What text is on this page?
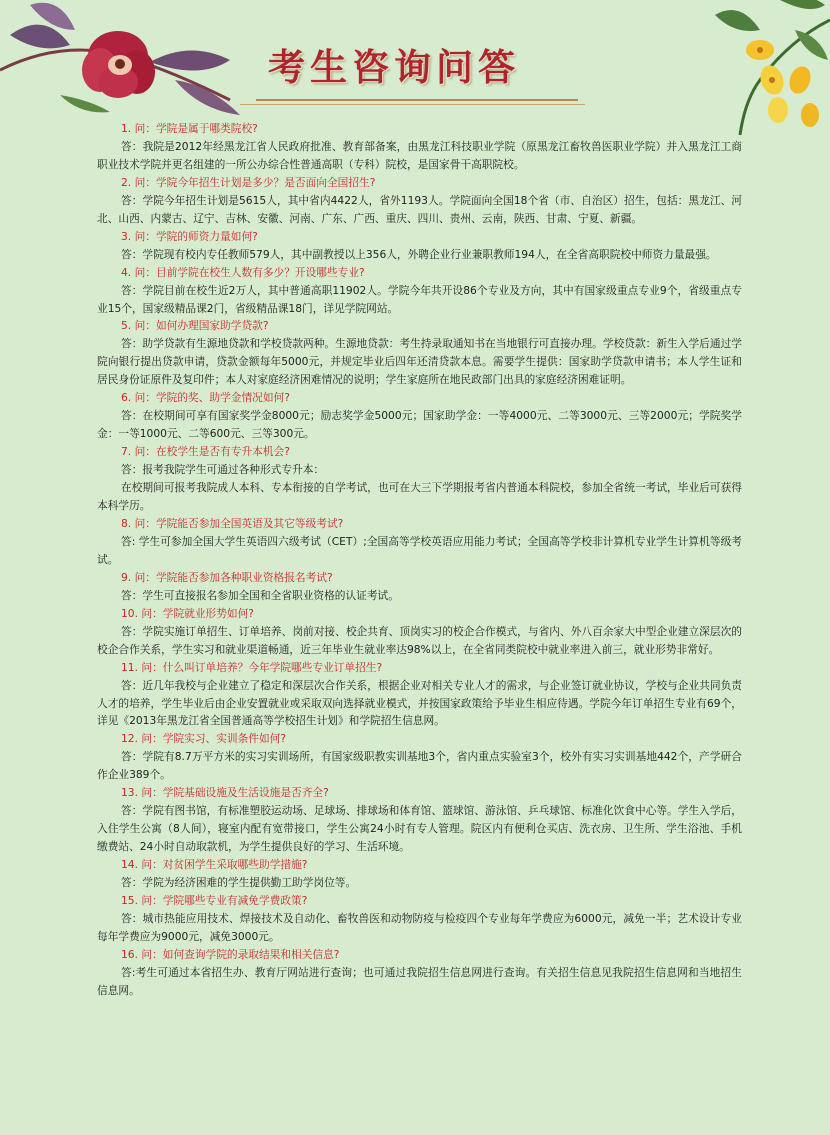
考生咨询问答

1. 问：学院是属于哪类院校?

答：我院是2012年经黑龙江省人民政府批准、教育部备案，由黑龙江科技职业学院（原黑龙江畜牧兽医职业学院）并入黑龙江工商职业技术学院并更名组建的一所公办综合性普通高职（专科）院校，是国家骨干高职院校。

2. 问：学院今年招生计划是多少？是否面向全国招生?

答：学院今年招生计划是5615人，其中省内4422人，省外1193人。学院面向全国18个省（市、自治区）招生，包括：黑龙江、河北、山西、内蒙古、辽宁、吉林、安徽、河南、广东、广西、重庆、四川、贵州、云南，陕西、甘肃、宁夏、新疆。

3. 问：学院的师资力量如何?

答：学院现有校内专任教师579人，其中副教授以上356人，外聘企业行业兼职教师194人，在全省高职院校中师资力量最强。

4. 问：目前学院在校生人数有多少？开设哪些专业?

答：学院目前在校生近2万人，其中普通高职11902人。学院今年共开设86个专业及方向，其中有国家级重点专业9个，省级重点专业15个，国家级精品课2门，省级精品课18门，详见学院网站。

5. 问：如何办理国家助学贷款?

答：助学贷款有生源地贷款和学校贷款两种。生源地贷款：考生持录取通知书在当地银行可直接办理。学校贷款：新生入学后通过学院向银行提出贷款申请，贷款金额每年5000元，并规定毕业后四年还清贷款本息。需要学生提供：国家助学贷款申请书；本人学生证和居民身份证原件及复印件；本人对家庭经济困难情况的说明；学生家庭所在地民政部门出具的家庭经济困难证明。

6. 问：学院的奖、助学金情况如何?

答：在校期间可享有国家奖学金8000元；励志奖学金5000元；国家助学金：一等4000元、二等3000元、三等2000元；学院奖学金：一等1000元、二等600元、三等300元。

7. 问：在校学生是否有专升本机会?

答：报考我院学生可通过各种形式专升本：

在校期间可报考我院成人本科、专本衔接的自学考试，也可在大三下学期报考省内普通本科院校，参加全省统一考试，毕业后可获得本科学历。

8. 问：学院能否参加全国英语及其它等级考试?

答: 学生可参加全国大学生英语四六级考试（CET）;全国高等学校英语应用能力考试；全国高等学校非计算机专业学生计算机等级考试。

9. 问：学院能否参加各种职业资格报名考试?

答：学生可直接报名参加全国和全省职业资格的认证考试。

10. 问：学院就业形势如何?

答：学院实施订单招生、订单培养、岗前对接、校企共育、顶岗实习的校企合作模式，与省内、外八百余家大中型企业建立深层次的校企合作关系，学生实习和就业渠道畅通，近三年毕业生就业率达98%以上，在全省同类院校中就业率进入前三，就业形势非常好。

11. 问：什么叫订单培养？今年学院哪些专业订单招生?

答：近几年我校与企业建立了稳定和深层次合作关系，根据企业对相关专业人才的需求，与企业签订就业协议，学校与企业共同负责人才的培养，学生毕业后由企业安置就业或采取双向选择就业模式，并按国家政策给予毕业生相应待遇。学院今年订单招生专业有69个，详见《2013年黑龙江省全国普通高等学校招生计划》和学院招生信息网。

12. 问：学院实习、实训条件如何?

答：学院有8.7万平方米的实习实训场所，有国家级职教实训基地3个，省内重点实验室3个，校外有实习实训基地442个，产学研合作企业389个。

13. 问：学院基础设施及生活设施是否齐全?

答：学院有图书馆，有标准塑胶运动场、足球场、排球场和体育馆、篮球馆、游泳馆、乒乓球馆、标准化饮食中心等。学生入学后，入住学生公寓（8人间），寝室内配有宽带接口，学生公寓24小时有专人管理。院区内有便利仓买店、洗衣房、卫生所、学生浴池、手机缴费站、24小时自动取款机，为学生提供良好的学习、生活环境。

14. 问：对贫困学生采取哪些助学措施?

答：学院为经济困难的学生提供勤工助学岗位等。

15. 问：学院哪些专业有减免学费政策?

答：城市热能应用技术、焊接技术及自动化、畜牧兽医和动物防疫与检疫四个专业每年学费应为6000元，减免一半；艺术设计专业每年学费应为9000元，减免3000元。

16. 问：如何查询学院的录取结果和相关信息?

答:考生可通过本省招生办、教育厅网站进行查询；也可通过我院招生信息网进行查询。有关招生信息见我院招生信息网和当地招生信息网。
